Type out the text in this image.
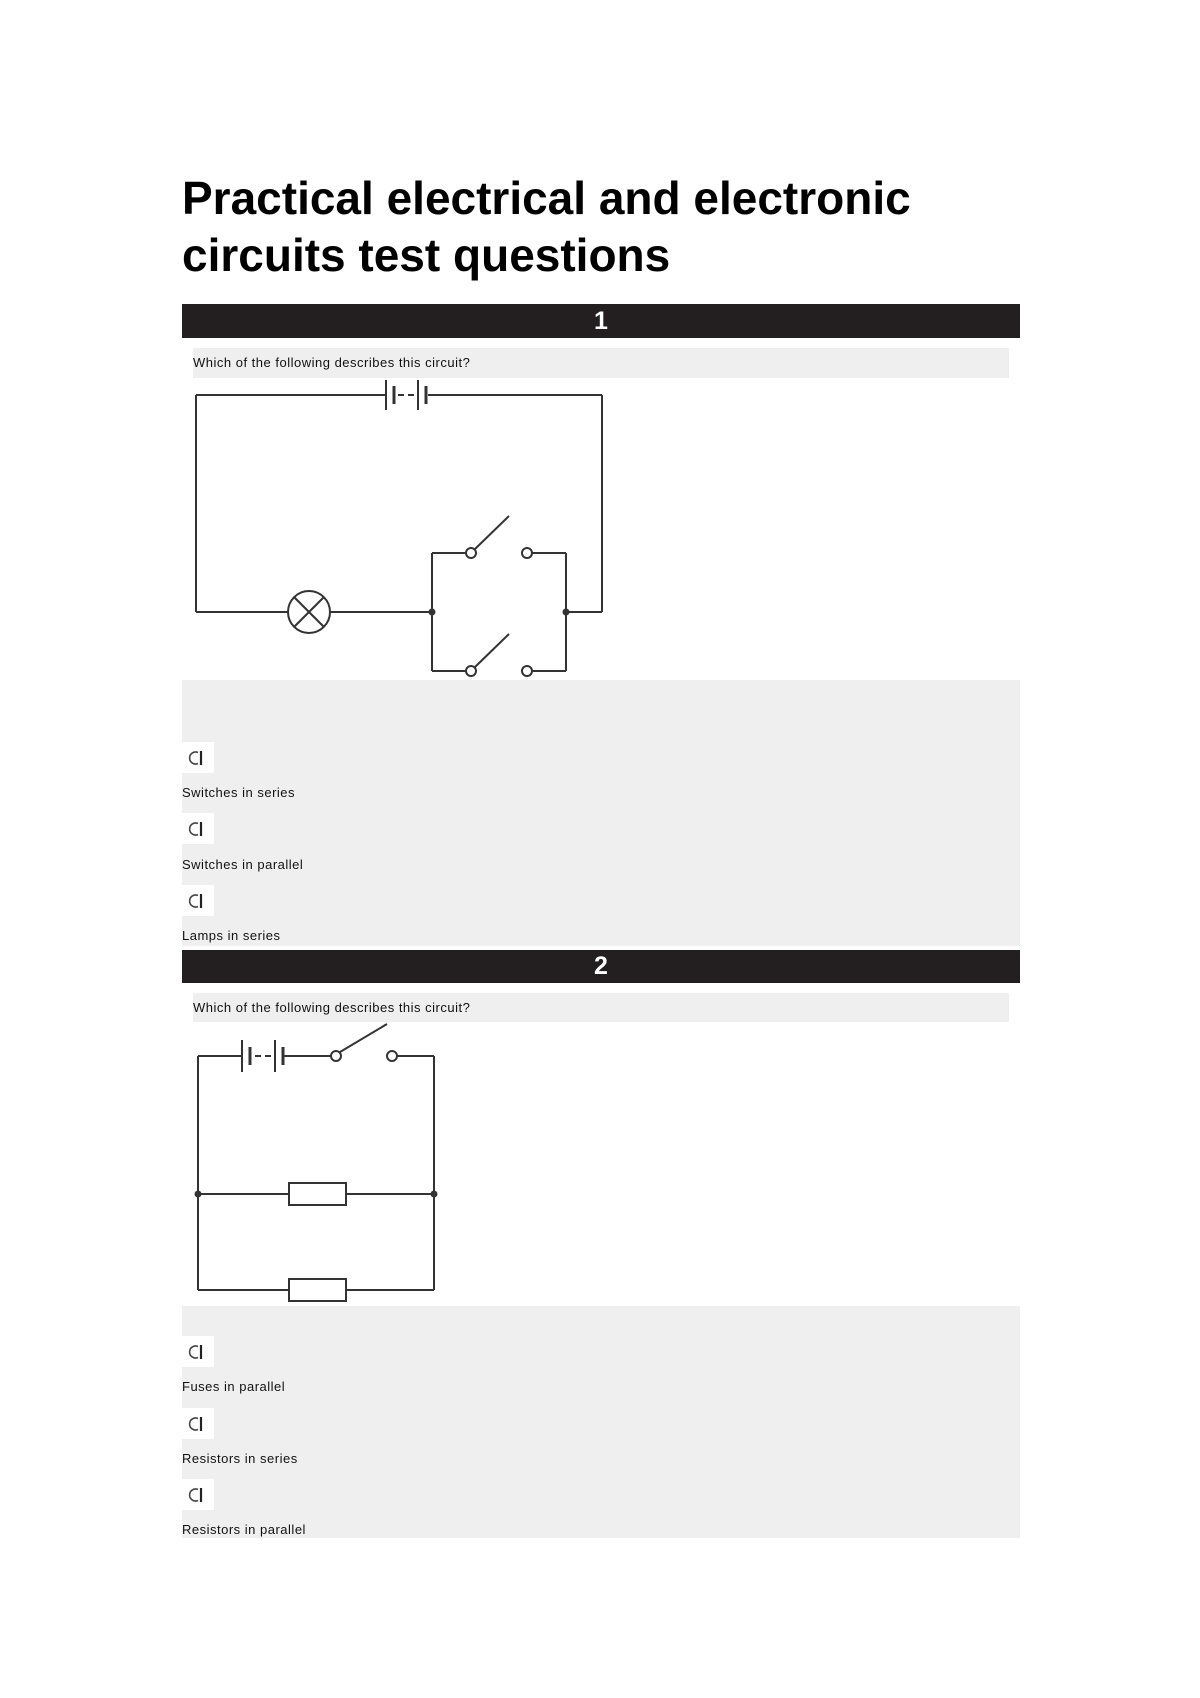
Practical electrical and electronic circuits test questions
1
Which of the following describes this circuit?
Switches in series
Switches in parallel
Lamps in series
2
Which of the following describes this circuit?
Fuses in parallel
Resistors in series
Resistors in parallel
